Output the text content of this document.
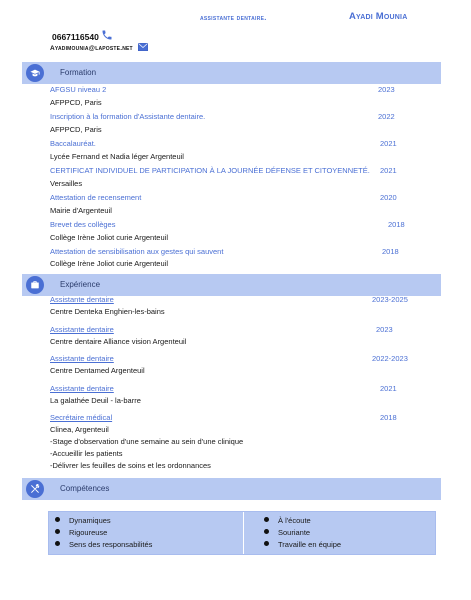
assistante dentaire.	Ayadi Mounia
0667116540
Ayadimounia@laposte.net
Formation
AFGSU niveau 2	2023
AFPPCD, Paris
Inscription à la formation d'Assistante dentaire.	2022
AFPPCD, Paris
Baccalauréat.	2021
Lycée Fernand et Nadia léger Argenteuil
CERTIFICAT INDIVIDUEL DE PARTICIPATION À LA JOURNÉE DÉFENSE ET CITOYENNETÉ. 2021
Versailles
Attestation de recensement	2020
Mairie d'Argenteuil
Brevet des collèges	2018
Collège Irène Joliot curie Argenteuil
Attestation de sensibilisation aux gestes qui sauvent	2018
Collège Irène Joliot curie Argenteuil
Expérience
Assistante dentaire	2023-2025
Centre Denteka Enghien-les-bains
Assistante dentaire	2023
Centre dentaire Alliance vision Argenteuil
Assistante dentaire	2022-2023
Centre Dentamed Argenteuil
Assistante dentaire	2021
La galathée Deuil - la-barre
Secrétaire médical	2018
Clinea, Argenteuil
-Stage d'observation d'une semaine au sein d'une clinique
-Accueillir les patients
-Délivrer les feuilles de soins et les ordonnances
Compétences
Dynamiques
Rigoureuse
Sens des responsabilités
À l'écoute
Souriante
Travaille en équipe
